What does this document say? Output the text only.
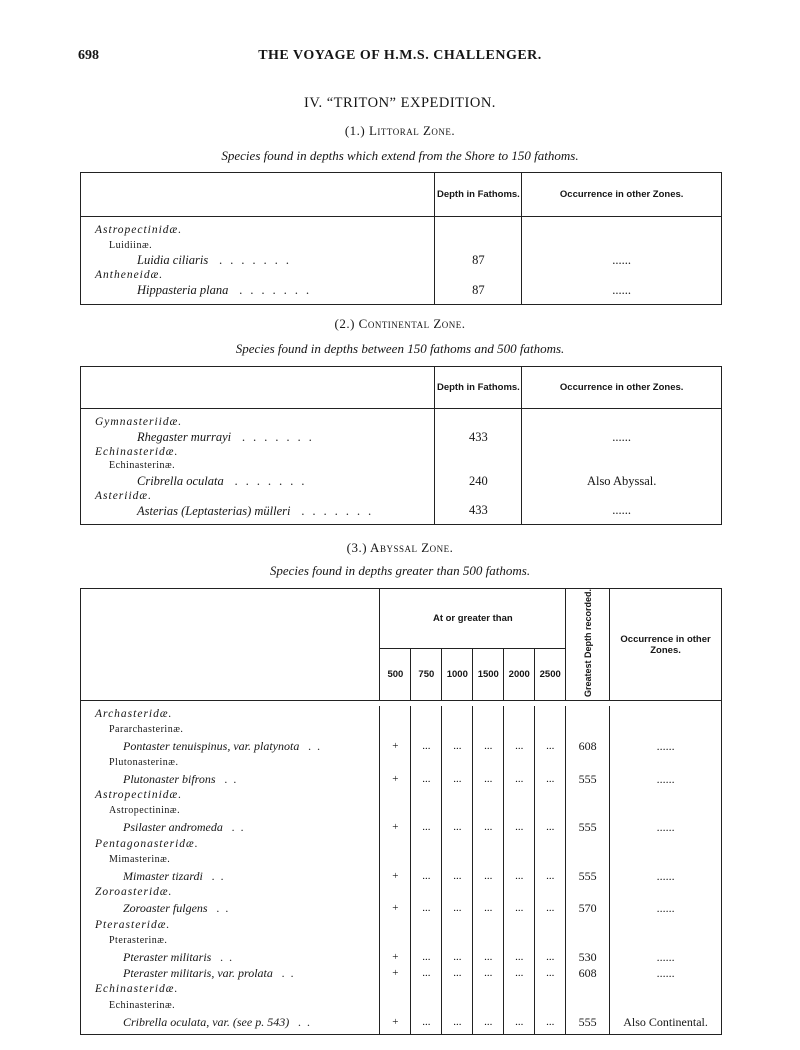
698	THE VOYAGE OF H.M.S. CHALLENGER.
IV. “TRITON” EXPEDITION.
(1.) Littoral Zone.
Species found in depths which extend from the Shore to 150 fathoms.
	Depth in Fathoms.	Occurrence in other Zones.

Astropectinidæ.		
Luidiinæ.		
Luidia ciliaris .......	87	......
Antheneidæ.		
Hippasteria plana .......	87	......

(2.) Continental Zone.
Species found in depths between 150 fathoms and 500 fathoms.
	Depth in Fathoms.	Occurrence in other Zones.

Gymnasteriidæ.		
Rhegaster murrayi .......	433	......
Echinasteridæ.		
Echinasterinæ.		
Cribrella oculata .......	240	Also Abyssal.
Asteriidæ.		
Asterias (Leptasterias) mülleri .......	433	......

(3.) Abyssal Zone.
Species found in depths greater than 500 fathoms.
	At or greater than						Greatest Depth recorded.	Occurrence in other Zones.
	500	750	1000	1500	2000	2500		

Archasteridæ.								
Pararchasterinæ.								
Pontaster tenuispinus, var. platynota ..	+	...	...	...	...	...	608	......
Plutonasterinæ.								
Plutonaster bifrons ..	+	...	...	...	...	...	555	......
Astropectinidæ.								
Astropectininæ.								
Psilaster andromeda ..	+	...	...	...	...	...	555	......
Pentagonasteridæ.								
Mimasterinæ.								
Mimaster tizardi ..	+	...	...	...	...	...	555	......
Zoroasteridæ.								
Zoroaster fulgens ..	+	...	...	...	...	...	570	......
Pterasteridæ.								
Pterasterinæ.								
Pteraster militaris ..	+	...	...	...	...	...	530	......
Pteraster militaris, var. prolata ..	+	...	...	...	...	...	608	......
Echinasteridæ.								
Echinasterinæ.								
Cribrella oculata, var. (see p. 543) ..	+	...	...	...	...	...	555	Also Continental.
